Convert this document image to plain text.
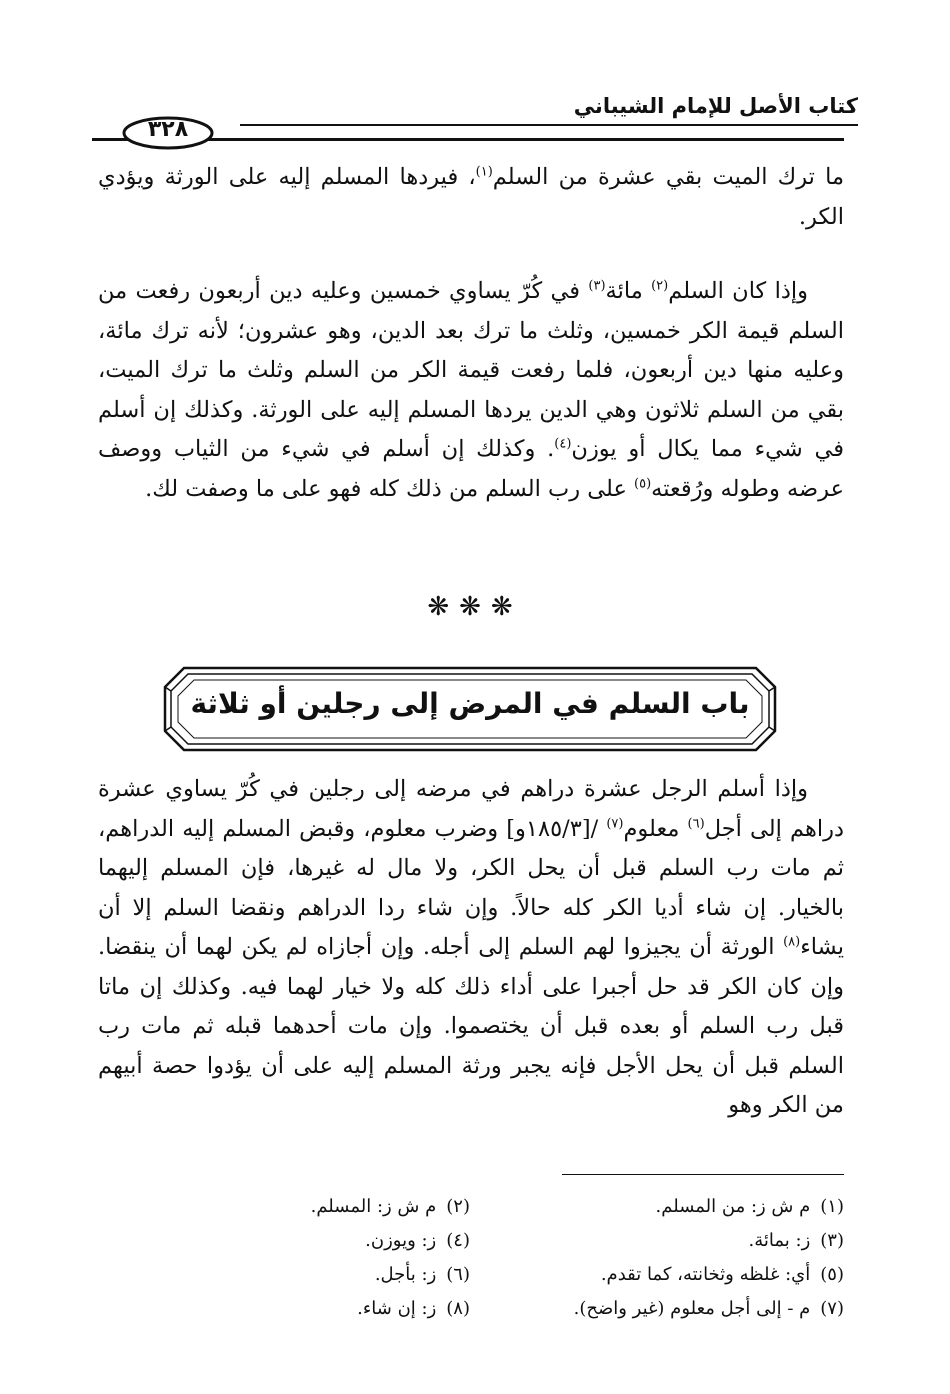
كتاب الأصل للإمام الشيباني
٣٢٨
ما ترك الميت بقي عشرة من السلم$^{(١)}$، فيردها المسلم إليه على الورثة ويؤدي الكر.
وإذا كان السلم$^{(٢)}$ مائة$^{(٣)}$ في كُرّ يساوي خمسين وعليه دين أربعون رفعت من السلم قيمة الكر خمسين، وثلث ما ترك بعد الدين، وهو عشرون؛ لأنه ترك مائة، وعليه منها دين أربعون، فلما رفعت قيمة الكر من السلم وثلث ما ترك الميت، بقي من السلم ثلاثون وهي الدين يردها المسلم إليه على الورثة. وكذلك إن أسلم في شيء مما يكال أو يوزن$^{(٤)}$. وكذلك إن أسلم في شيء من الثياب ووصف عرضه وطوله ورُقعته$^{(٥)}$ على رب السلم من ذلك كله فهو على ما وصفت لك.
❋❋❋
باب السلم في المرض إلى رجلين أو ثلاثة
وإذا أسلم الرجل عشرة دراهم في مرضه إلى رجلين في كُرّ يساوي عشرة دراهم إلى أجل$^{(٦)}$ معلوم$^{(٧)}$ /[١٨٥/٣و] وضرب معلوم، وقبض المسلم إليه الدراهم، ثم مات رب السلم قبل أن يحل الكر، ولا مال له غيرها، فإن المسلم إليهما بالخيار. إن شاء أديا الكر كله حالاً. وإن شاء ردا الدراهم ونقضا السلم إلا أن يشاء$^{(٨)}$ الورثة أن يجيزوا لهم السلم إلى أجله. وإن أجازاه لم يكن لهما أن ينقضا. وإن كان الكر قد حل أجبرا على أداء ذلك كله ولا خيار لهما فيه. وكذلك إن ماتا قبل رب السلم أو بعده قبل أن يختصموا. وإن مات أحدهما قبله ثم مات رب السلم قبل أن يحل الأجل فإنه يجبر ورثة المسلم إليه على أن يؤدوا حصة أبيهم من الكر وهو
(١) م ش ز: من المسلم.
(٢) م ش ز: المسلم.
(٣) ز: بمائة.
(٤) ز: ويوزن.
(٥) أي: غلظه وثخانته، كما تقدم.
(٦) ز: بأجل.
(٧) م - إلى أجل معلوم (غير واضح).
(٨) ز: إن شاء.
